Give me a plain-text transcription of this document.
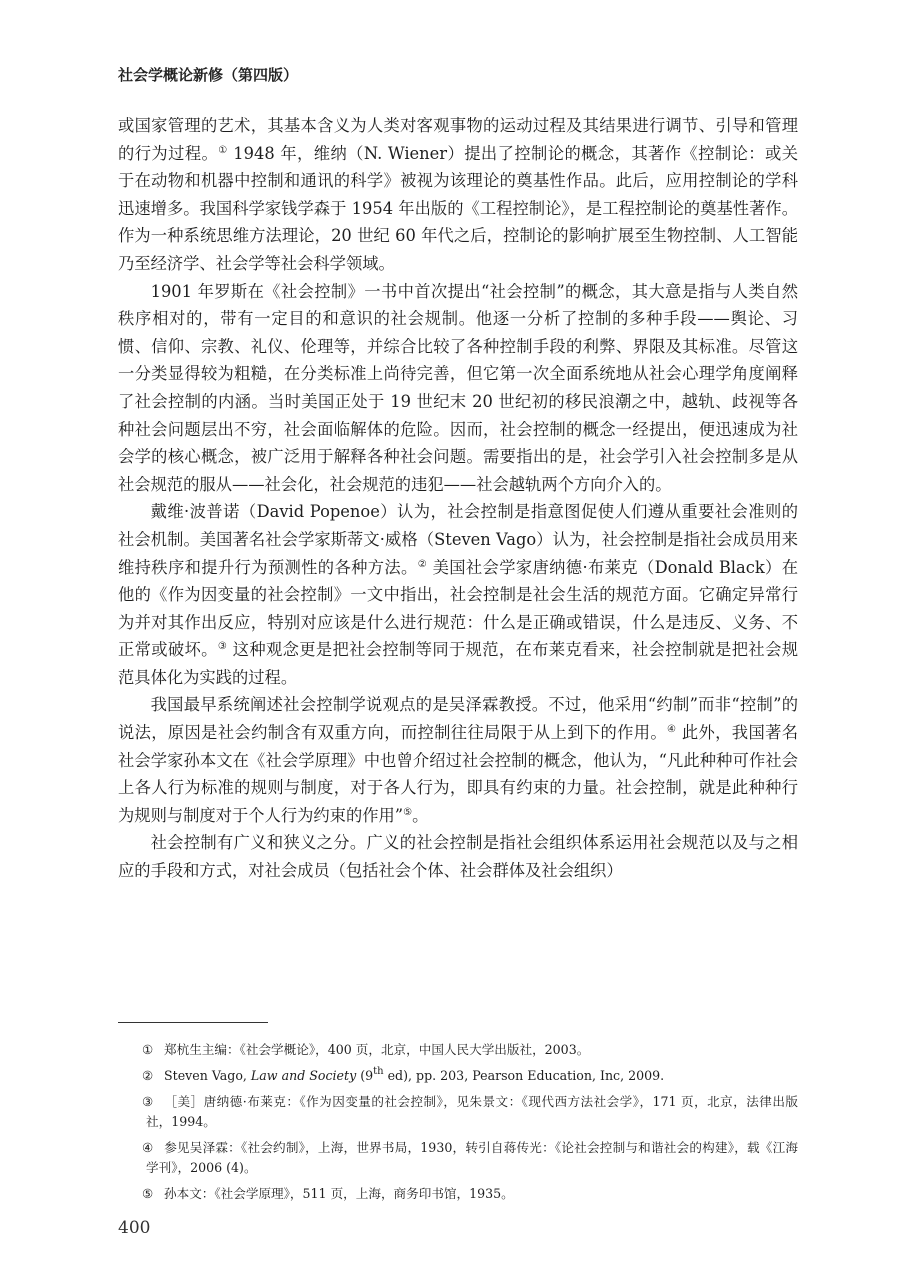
社会学概论新修（第四版）

或国家管理的艺术，其基本含义为人类对客观事物的运动过程及其结果进行调节、引导和管理的行为过程。① 1948 年，维纳（N. Wiener）提出了控制论的概念，其著作《控制论：或关于在动物和机器中控制和通讯的科学》被视为该理论的奠基性作品。此后，应用控制论的学科迅速增多。我国科学家钱学森于 1954 年出版的《工程控制论》，是工程控制论的奠基性著作。作为一种系统思维方法理论，20 世纪 60 年代之后，控制论的影响扩展至生物控制、人工智能乃至经济学、社会学等社会科学领域。

1901 年罗斯在《社会控制》一书中首次提出“社会控制”的概念，其大意是指与人类自然秩序相对的，带有一定目的和意识的社会规制。他逐一分析了控制的多种手段——舆论、习惯、信仰、宗教、礼仪、伦理等，并综合比较了各种控制手段的利弊、界限及其标准。尽管这一分类显得较为粗糙，在分类标准上尚待完善，但它第一次全面系统地从社会心理学角度阐释了社会控制的内涵。当时美国正处于 19 世纪末 20 世纪初的移民浪潮之中，越轨、歧视等各种社会问题层出不穷，社会面临解体的危险。因而，社会控制的概念一经提出，便迅速成为社会学的核心概念，被广泛用于解释各种社会问题。需要指出的是，社会学引入社会控制多是从社会规范的服从——社会化，社会规范的违犯——社会越轨两个方向介入的。

戴维·波普诺（David Popenoe）认为，社会控制是指意图促使人们遵从重要社会准则的社会机制。美国著名社会学家斯蒂文·威格（Steven Vago）认为，社会控制是指社会成员用来维持秩序和提升行为预测性的各种方法。② 美国社会学家唐纳德·布莱克（Donald Black）在他的《作为因变量的社会控制》一文中指出，社会控制是社会生活的规范方面。它确定异常行为并对其作出反应，特别对应该是什么进行规范：什么是正确或错误，什么是违反、义务、不正常或破坏。③ 这种观念更是把社会控制等同于规范，在布莱克看来，社会控制就是把社会规范具体化为实践的过程。

我国最早系统阐述社会控制学说观点的是吴泽霖教授。不过，他采用“约制”而非“控制”的说法，原因是社会约制含有双重方向，而控制往往局限于从上到下的作用。④ 此外，我国著名社会学家孙本文在《社会学原理》中也曾介绍过社会控制的概念，他认为，“凡此种种可作社会上各人行为标准的规则与制度，对于各人行为，即具有约束的力量。社会控制，就是此种种行为规则与制度对于个人行为约束的作用”⑤。

社会控制有广义和狭义之分。广义的社会控制是指社会组织体系运用社会规范以及与之相应的手段和方式，对社会成员（包括社会个体、社会群体及社会组织）

① 郑杭生主编：《社会学概论》，400 页，北京，中国人民大学出版社，2003。

② Steven Vago, Law and Society (9th ed), pp. 203, Pearson Education, Inc, 2009.

③ ［美］唐纳德·布莱克：《作为因变量的社会控制》，见朱景文：《现代西方法社会学》，171 页，北京，法律出版社，1994。

④ 参见吴泽霖：《社会约制》，上海，世界书局，1930，转引自蒋传光：《论社会控制与和谐社会的构建》，载《江海学刊》，2006 (4)。

⑤ 孙本文：《社会学原理》，511 页，上海，商务印书馆，1935。

400
